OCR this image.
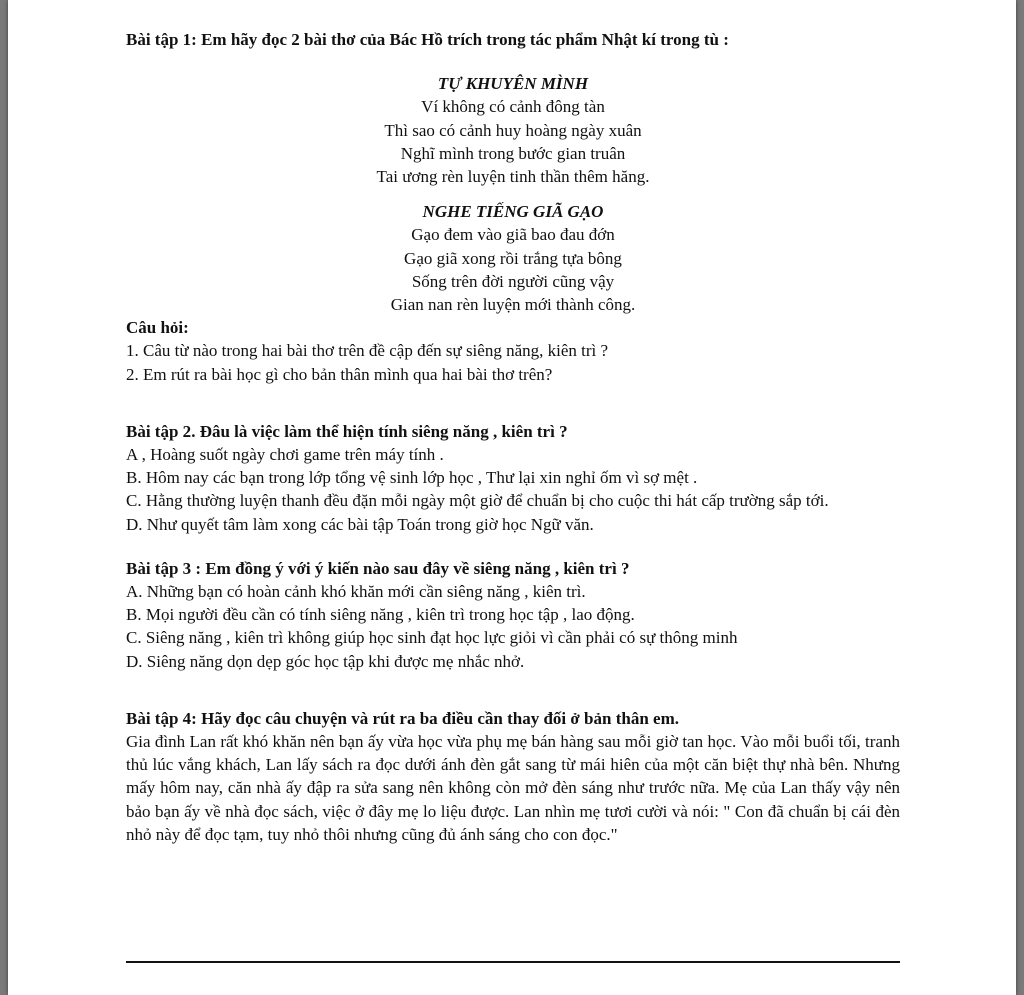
Bài tập 1: Em hãy đọc 2 bài thơ của Bác Hồ trích trong tác phẩm Nhật kí trong tù :

TỰ KHUYÊN MÌNH

Ví không có cảnh đông tàn

Thì sao có cảnh huy hoàng ngày xuân

Nghĩ mình trong bước gian truân

Tai ương rèn luyện tinh thần thêm hăng.

NGHE TIẾNG GIÃ GẠO

Gạo đem vào giã bao đau đớn

Gạo giã xong rồi trắng tựa bông

Sống trên đời người cũng vậy

Gian nan rèn luyện mới thành công.

Câu hỏi:

1. Câu từ nào trong hai bài thơ trên đề cập đến sự siêng năng, kiên trì ?

2. Em rút ra bài học gì cho bản thân mình qua hai bài thơ trên?

Bài tập 2. Đâu là việc làm thể hiện tính siêng năng , kiên trì ?

A , Hoàng suốt ngày chơi game trên máy tính .

B. Hôm nay các bạn trong lớp tổng vệ sinh lớp học , Thư lại xin nghỉ ốm vì sợ mệt .

C. Hằng thường luyện thanh đều đặn mỗi ngày một giờ để chuẩn bị cho cuộc thi hát cấp trường sắp tới.

D. Như quyết tâm làm xong các bài tập Toán trong giờ học Ngữ văn.

Bài tập 3 : Em đồng ý với ý kiến nào sau đây về siêng năng , kiên trì ?

A. Những bạn có hoàn cảnh khó khăn mới cần siêng năng , kiên trì.

B. Mọi người đều cần có tính siêng năng , kiên trì trong học tập , lao động.

C. Siêng năng , kiên trì không giúp học sinh đạt học lực giỏi vì cần phải có sự thông minh

D. Siêng năng dọn dẹp góc học tập khi được mẹ nhắc nhở.

Bài tập 4: Hãy đọc câu chuyện và rút ra ba điều cần thay đối ở bản thân em.

Gia đình Lan rất khó khăn nên bạn ấy vừa học vừa phụ mẹ bán hàng sau mỗi giờ tan học. Vào mỗi buổi tối, tranh thủ lúc vắng khách, Lan lấy sách ra đọc dưới ánh đèn gắt sang từ mái hiên của một căn biệt thự nhà bên. Nhưng mấy hôm nay, căn nhà ấy đập ra sửa sang nên không còn mở đèn sáng như trước nữa. Mẹ của Lan thấy vậy nên bảo bạn ấy về nhà đọc sách, việc ở đây mẹ lo liệu được. Lan nhìn mẹ tươi cười và nói: " Con đã chuẩn bị cái đèn nhỏ này để đọc tạm, tuy nhỏ thôi nhưng cũng đủ ánh sáng cho con đọc."
